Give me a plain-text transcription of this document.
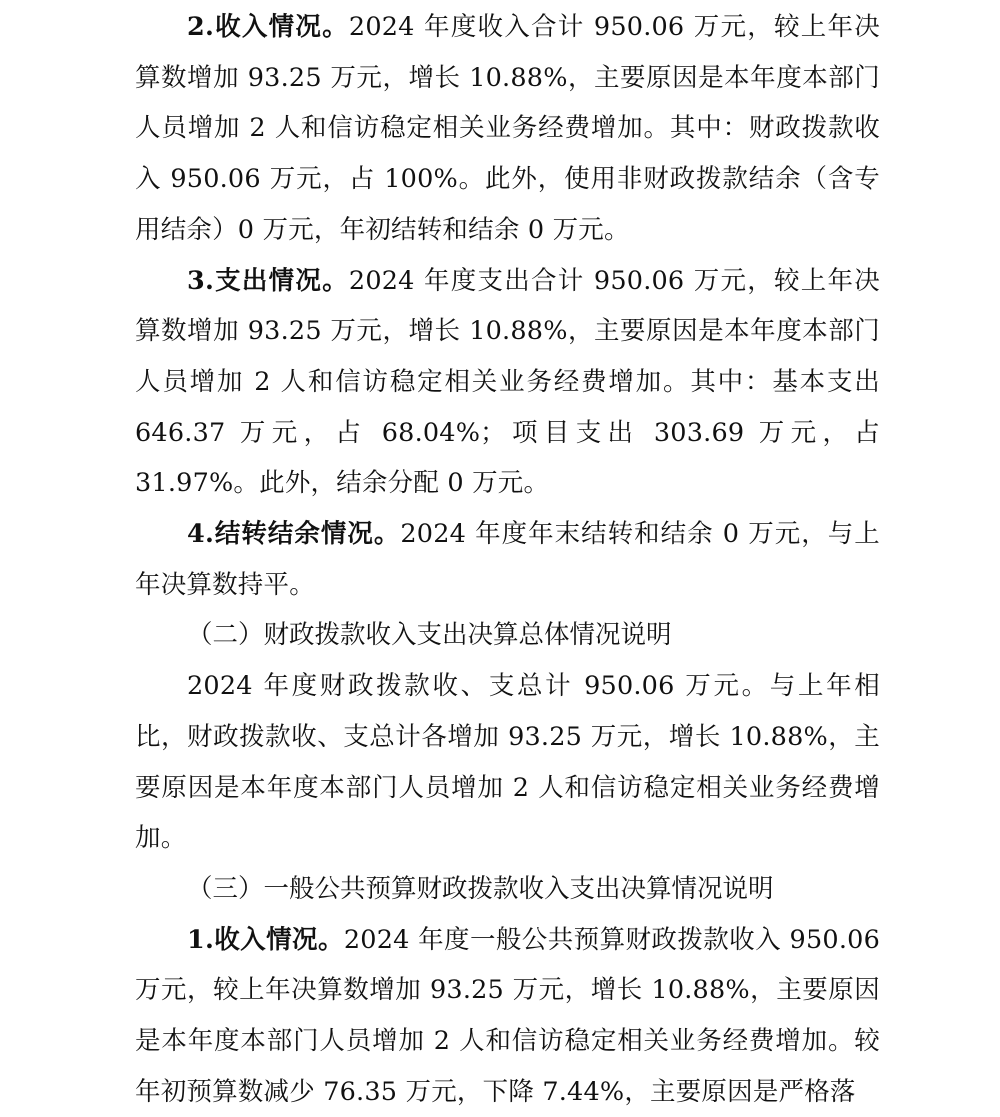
2.收入情况。2024 年度收入合计 950.06 万元，较上年决算数增加 93.25 万元，增长 10.88%，主要原因是本年度本部门人员增加 2 人和信访稳定相关业务经费增加。其中：财政拨款收入 950.06 万元，占 100%。此外，使用非财政拨款结余（含专用结余）0 万元，年初结转和结余 0 万元。

3.支出情况。2024 年度支出合计 950.06 万元，较上年决算数增加 93.25 万元，增长 10.88%，主要原因是本年度本部门人员增加 2 人和信访稳定相关业务经费增加。其中：基本支出 646.37 万元，占 68.04%；项目支出 303.69 万元，占 31.97%。此外，结余分配 0 万元。

4.结转结余情况。2024 年度年末结转和结余 0 万元，与上年决算数持平。

（二）财政拨款收入支出决算总体情况说明

2024 年度财政拨款收、支总计 950.06 万元。与上年相比，财政拨款收、支总计各增加 93.25 万元，增长 10.88%，主要原因是本年度本部门人员增加 2 人和信访稳定相关业务经费增加。

（三）一般公共预算财政拨款收入支出决算情况说明

1.收入情况。2024 年度一般公共预算财政拨款收入 950.06 万元，较上年决算数增加 93.25 万元，增长 10.88%，主要原因是本年度本部门人员增加 2 人和信访稳定相关业务经费增加。较年初预算数减少 76.35 万元，下降 7.44%，主要原因是严格落
